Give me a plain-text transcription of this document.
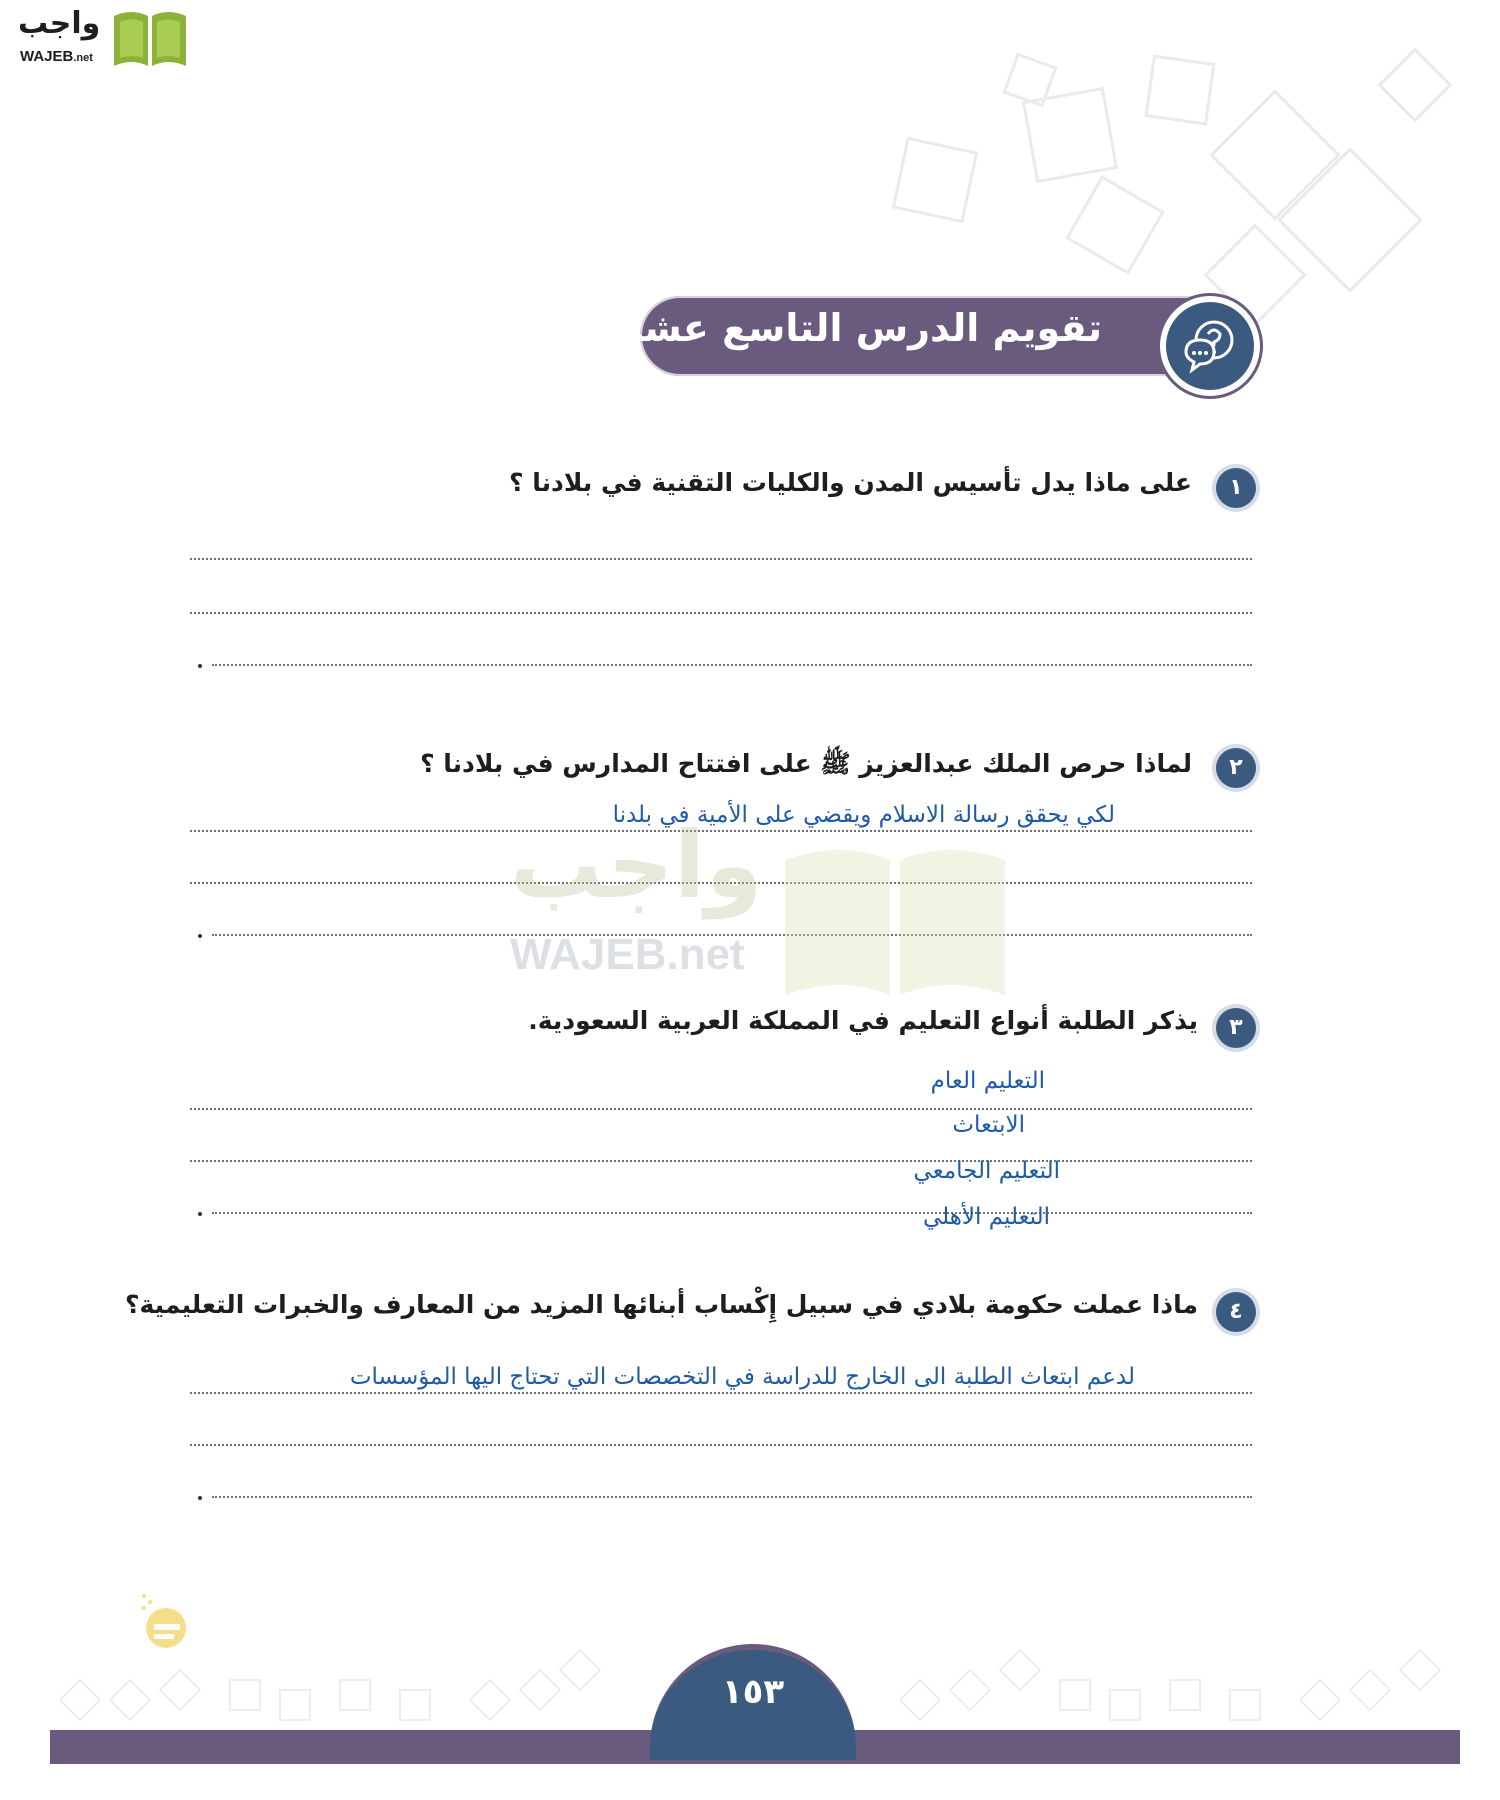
واجب
WAJEB.net
تقويم الدرس التاسع عشر
١
على ماذا يدل تأسيس المدن والكليات التقنية في بلادنا ؟
٢
لماذا حرص الملك عبدالعزيز ﷺ على افتتاح المدارس في بلادنا ؟
لكي يحقق رسالة الاسلام ويقضي على الأمية في بلدنا
واجب
WAJEB.net
٣
يذكر الطلبة أنواع التعليم في المملكة العربية السعودية.
التعليم العام
الابتعاث
التعليم الجامعي
التعليم الأهلي
٤
ماذا عملت حكومة بلادي في سبيل إِكْساب أبنائها المزيد من المعارف والخبرات التعليمية؟
لدعم ابتعاث الطلبة الى الخارج للدراسة في التخصصات التي تحتاج اليها المؤسسات
١٥٣
